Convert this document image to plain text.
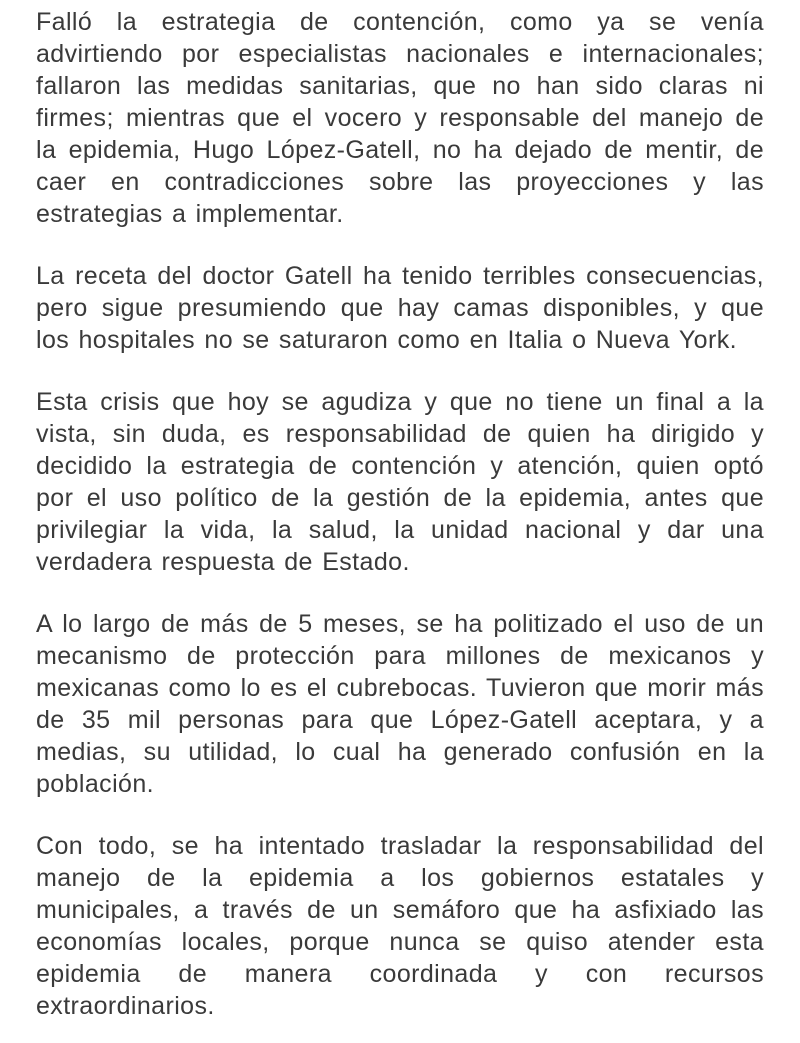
Falló la estrategia de contención, como ya se venía advirtiendo por especialistas nacionales e internacionales; fallaron las medidas sanitarias, que no han sido claras ni firmes; mientras que el vocero y responsable del manejo de la epidemia, Hugo López-Gatell, no ha dejado de mentir, de caer en contradicciones sobre las proyecciones y las estrategias a implementar.

La receta del doctor Gatell ha tenido terribles consecuencias, pero sigue presumiendo que hay camas disponibles, y que los hospitales no se saturaron como en Italia o Nueva York.

Esta crisis que hoy se agudiza y que no tiene un final a la vista, sin duda, es responsabilidad de quien ha dirigido y decidido la estrategia de contención y atención, quien optó por el uso político de la gestión de la epidemia, antes que privilegiar la vida, la salud, la unidad nacional y dar una verdadera respuesta de Estado.

A lo largo de más de 5 meses, se ha politizado el uso de un mecanismo de protección para millones de mexicanos y mexicanas como lo es el cubrebocas. Tuvieron que morir más de 35 mil personas para que López-Gatell aceptara, y a medias, su utilidad, lo cual ha generado confusión en la población.

Con todo, se ha intentado trasladar la responsabilidad del manejo de la epidemia a los gobiernos estatales y municipales, a través de un semáforo que ha asfixiado las economías locales, porque nunca se quiso atender esta epidemia de manera coordinada y con recursos extraordinarios.
